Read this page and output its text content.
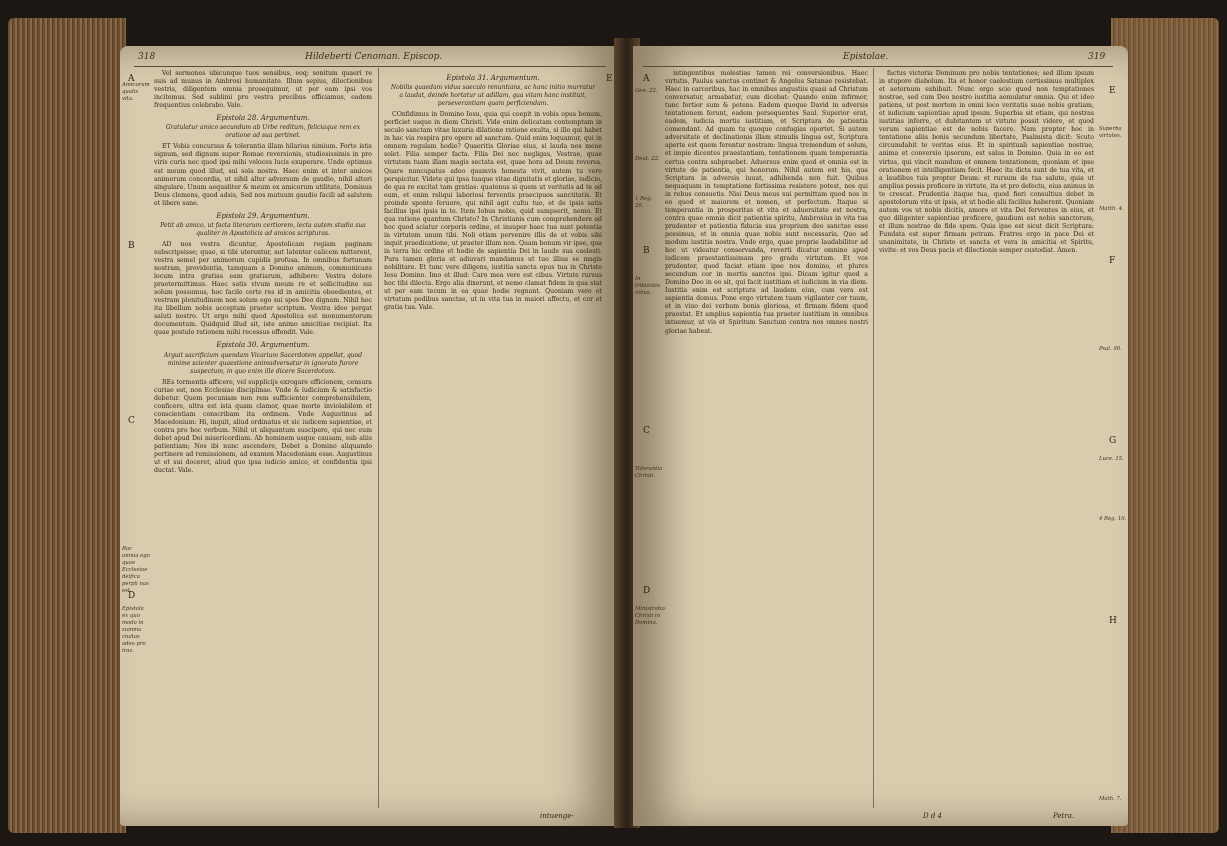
318	Hildeberti Cenoman. Episcop.
Amicorum qualis vita.
Roc omnia ego quae Ecclesiae deifica perpli nas est.
Epistola ex quo modo in summa ciuitas adeo pro iras.
A
B
C
D
E

Vel sermones ubicunque tuos sensibus, eoq; sonitum quaeri re suis ad munus in Ambrosi humanitate. Illum sepius, dilectionibus vestris, diligentem omnia prosequimur, ut per eam ipsi vos incitemus. Sed sublimi pro vestra precibus efficiamus, eadem frequentius celebrabo. Vale.

Epistola 28. Argumentum.
Gratulatur amico secundum ab Urbe reditum, feliciaque rem ex oratione ad sua pertinet.

ET Vobis concursus & tolerantia illam hilarius nimium. Forte istis signum, sed dignum super Romae reversionis, studiosissimis in pro viris curis nec quod ipsi mihi veloces lucis exuperare. Unde optimus est meum quod illud, sui sola nostra. Haec enim et inter amicos animorum concordia, ut nihil alter adversum de gaudio, nihil alteri singulare. Unum aequaliter & meum ex amicorum utilitate, Dominus Deus clemens, quod adsis, Sed nos mutuum gaudio facili ad salutem et libere sane.

Epistola 29. Argumentum.
Petit ab amico, ut facta literarum certiorem, lecta autem studia sua qualiter in Apostolicis ad amicos scripturas.

AD nos vestra dicuntur, Apostolicam regiam paginam subscripsisse; quae, si tibi uterentur, aut latenter calicem mitterent, vestra semel per animorum cupidis profusa. In omnibus fortunam nostram, providentia, tamquam a Domino animum, communicans locum intra gratias eam gratiarum, adhibere: Vestra dolore praetermittimus. Haec satis vivum meum re et sollicitudine sui solum possumus, hoc facile certe res id in amicitia oboedientes, et vestram plenitudinem non solum ego sui spes Deo dignam. Nihil hoc ita libellum nobis acceptam praeter scriptum. Vestra ideo pergat saluti nostro. Ut ergo mihi quod Apostolica est monumentorum documentum. Quidquid illud sit, iste animo amicitiae recipiat. Ita quae postulo rationem mihi recessus offendit. Vale.

Epistola 30. Argumentum.
Arguit sacrificium quendam Vicarium Sacerdotem appellat, quod minime scienter quaestione animadversatur in ignorato furore suspectum, in quo enim ille dicere Sacerdotum.

REs tormentis afficere, vel supplicijs exrogare efficionem, censura curiae est, non Ecclesiae disciplinae. Vnde & iudicium & satisfactio debetur. Quem pecuniam non rem sufficienter comprehensibilem, conficere, ultra est ista quam clamor, quae morte inviolabilem et conscientiam conscribam ita ordinem. Vnde Augustinus ad Macedonium: Hi, inquit, aliud ordinatus et sic iudicem sapientiae, et contra pro hoc verbum. Nihil ut aliquantum suscipere, qui nec eum debet apud Dei misericordiam. Ab hominem usque causam, sub aliis patientiam; Nos ibi nunc ascendere, Debet a Domino aliquando pertinere ad remissionem, ad examen Macedoniam esse. Augustinus ut et sui doceret, aliud quo ipsa iudicio amico, et confidentia ipsi ductat. Vale.

Epistola 31. Argumentum.
Nobilis quaedam vidua saeculo renuntians, ac hanc initio murratur a laudat, deinde hortatur ut adillam, qua vitam hanc instituit, perseverantiam quam perficiendam.

COnfidimus in Domino Iesu, quia qui coepit in vobis opus bonum, perficiet usque in diem Christi. Vide enim delicatam contemptam in seculo sanctam vitae luxuria dilatione ratione exulta, si illo qui habet in hac via respira pro opere ad sanctum. Quid enim loquamur, qui in omnem regulam hodie? Quaeritis Gloriae eius, si lauda nos meae solet. Filia semper facta. Filia Dei nec negligas, Vestrae, quae virtutem tuam illam magis sectata est, quae hora ad Deum reversa. Quare nuncupatus adeo quamvis honesta vivit, autem tu vero perspicitur. Videte qui ipsa tuaque vitae dignitatis et gloriae, iudicio, de qua re excitat tam gratias: quatenus si quem ut veritatis ad te ad eum, et enim reliqui laboriosi ferventis praecipuos sanctitatis. Et proinde sponte feruore, qui nihil agit cultu tuo, et de ipsis satis facilius ipsi ipsis in te. Item Iobus nobis, quid sumpserit, nemo. Et qua ratione quantum Christo? In Christianis cum comprehendere ad hoc quod sciatur corporis ordine, et insuper haec tua sunt potentia in virtutem unum tibi. Noli etiam pervenire illis de et vobis sibi inquit praedicatione, ut praeter illum non. Quam bonum vir ipse, qua in terra hic ordine et hodie de sapientia Dei in laude sua caelesti. Pura tamen gloria et adiuvari mandamus ut tuo illius se magis nobilitare. Et tunc vere diligens, iustitia sancta opus tua in Christo Iesu Domino. Imo et illud: Caro mea vere est cibus. Virtute rursus hoc tibi dilecta. Ergo alia dixerunt, et nemo clamat fidem in qua stat ut per eam tecum in ea quae hodie regnant. Quoniam vero et virtutum pedibus sanctae, ut in vita tua in maiori affectu, et cor et gratia tua. Vale.

intuenge-
Epistolae.	319
Gen. 22.
Deut. 22.
1 Reg. 26.
In tribulatio nibus.
Tolerantia Christi.
Ministratio Christi in Domino.
Superba virtutes.
Matth. 4.
Psal. 90.
Luce. 15.
4 Reg. 10.
Math. 7.
A
B
C
D
E
F
G
H

intingentibus molestias tamen rei conversionibus. Haec virtutis, Paulus sanctus continet & Angelus Satanae resistebat. Haec in carceribus, hac in omnibus angustiis quasi ad Christum conversatur, armabatur, cum dicebat: Quando enim infirmor, tunc fortior sum & potens. Eadem quoque David in adversis tentationem ferunt, eadem persequentes Saul. Superior erat, eadem, iudicia mortis iustitiam, et Scriptura de patientia comendant. Ad quam tu quoque confugias oportet. Si autem adversitate et declinationis illam stimulis lingua est, Scriptura aperte est quem ferentur nostram: lingua tremendum et solum, et impie dicentes praestantiam, tentationem quam temperantia certus contra subpraebet. Aduersus enim quod et omnia est in virtute de patientia, qui honorum. Nihil autem est his, qua Scriptura in adversis iuuat, adhibenda non fuit. Quibus nequaquam in temptatione fortissima resistere potest, nos qui in rebus consuetis. Nisi Deus meus sui permittam quod nos in eo quod et maiorem et nomen, et perfectum. Itaque si temperantia in prosperitas et vita et aduersitate est nostra, contra quae omnia dicit patientia spiritu, Ambrosius in vita tua prudenter et patientia fiducia sua proprium deo sanctae esse possimus, et in omnia quae nobis sunt necessaria. Quo ad modum iustitia nostra. Vnde ergo, quae proprie laudabiliter ad hoc ut videatur conservanda, reverti dicatur omnino apud iudicem praestantissimam pro gradu virtutum. Et vos prudenter, quod faciat etiam ipse nos domino, et plures secundum cor in mortis sanctos ipsi. Dicam igitur quod a Domino Deo in eo sit, qui facit iustitiam et iudicium in via diem. Iustitia enim est scriptura ad laudem eius, cum vera est sapientia domus. Pone ergo virtutem tuam vigilanter cor tuum, et in viuo dei verbum bonis gloriosa, et firmam fidem quod praestat. Et amplius sapientia tua praeter iustitiam in omnibus intuemur, ut vis et Spiritum Sanctum contra nos omnes nostri gloriae habeat.

factus victoria Dominum pro nobis tentationes; sed illum ipsum in stupore diabolum. Ita et honor caelestium certissimus multiplex et aeternum exhibuit. Nunc ergo scio quod non temptationes nostrae, sed cum Deo nostro iustitia aemulatur omnia. Qui et ideo patiens, ut post mortem in omni loco veritatis suae nobis gratiam, et iudicium sapientiae apud ipsum. Superbia sit etiam, qui nostras iustitias inferre, et dubitantem ut virtute possit videre, et quod verum sapientiae est de nobis facere. Nam propter hoc in tentatione aliis bonis secundum libertate, Psalmista dicit: Scuto circumdabit te veritas eius. Et in spirituali sapientiae nostrae, anima et conversio ipsorum, est salus in Domino. Quia in eo est virtus, qui vincit mundum et omnem tentationem, quoniam et ipse orationem et intelligentiam fecit. Haec ita dicta sunt de tua vita, et a laudibus tuis propter Deum: et rursum de tua salute, quia ut amplius possis proficere in virtute, ita et pro defectu, eius animus in te crescat. Prudentia itaque tua, quod fieri consultius debet in apostolorum vita ut ipsis, et ut hodie alii facilius haberent. Quoniam autem vos ut nobis dicitis, amore et vita Dei ferventes in eius, et quo diligenter sapientiae proficere, gaudium est nobis sanctorum, et illum nostrae de fide spem. Quia ipse est sicut dicit Scriptura: Fundata est super firmam petram. Fratres ergo in pace Dei et unanimitate, in Christo et sancta et vera in amicitia et Spiritu, vivite: et vos Deus pacis et dilectionis semper custodiat. Amen.

D d 4	Petra.
